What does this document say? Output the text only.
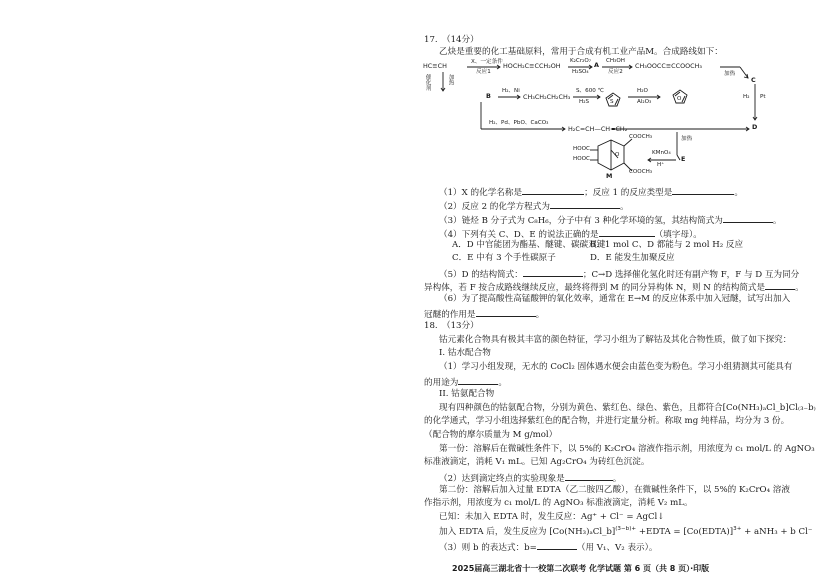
17. （14分）
乙炔是重要的化工基础原料，常用于合成有机工业产品M。合成路线如下：
HC≡CH	X、一定条件
反应1
HOCH₂C≡CCH₂OH
K₂Cr₂O₇
H₂SO₄
A CH₃OH
反应2
CH₃OOCC≡CCOOCH₃
加热
C
催化剂	加热
B
H₂、Ni
CH₃CH₂CH₂CH₃
S、600 ℃
H₂S	S
H₂O
Al₂O₃	O	H₂ Pt
D
H₂、Pd、PbO、CaCO₃
H₂C=CH—CH=CH₂
加热
COOCH₃
COOCH₃
HOOC
HOOC
O
M
KMnO₄
H⁺
E
（1）X 的化学名称是	；反应 1 的反应类型是	。
（2）反应 2 的化学方程式为	。
（3）链烃 B 分子式为 C₈H₆，分子中有 3 种化学环境的氢，其结构简式为	。
（4）下列有关 C、D、E 的说法正确的是	（填字母）。
A．D 中官能团为酯基、醚键、碳碳双键
B．1 mol C、D 都能与 2 mol H₂ 反应
C．E 中有 3 个手性碳原子	D．E 能发生加聚反应
（5）D 的结构简式：	；C→D 选择催化氢化时还有副产物 F，F 与 D 互为同分
异构体，若 F 按合成路线继续反应，最终将得到 M 的同分异构体 N，则 N 的结构简式是	。
（6）为了提高酸性高锰酸钾的氧化效率，通常在 E→M 的反应体系中加入冠醚，试写出加入
冠醚的作用是	。
18. （13分）
钴元素化合物具有极其丰富的颜色特征，学习小组为了解钴及其化合物性质，做了如下探究：
I. 钴水配合物
（1）学习小组发现，无水的 CoCl₂ 固体遇水便会由蓝色变为粉色。学习小组猜测其可能具有
的用途为	。
II. 钴氨配合物
现有四种颜色的钴氨配合物，分别为黄色、紫红色、绿色、紫色，且都符合[Co(NH₃)ₐCl_b]Cl₍₃₋b₎
的化学通式，学习小组选择紫红色的配合物，并进行定量分析。称取 mg 纯样品，均分为 3 份。
（配合物的摩尔质量为 M g/mol）
第一份：溶解后在微碱性条件下，以 5%的 K₂CrO₄ 溶液作指示剂，用浓度为 c₁ mol/L 的 AgNO₃
标准液滴定，消耗 V₁ mL。已知 Ag₂CrO₄ 为砖红色沉淀。
（2）达到滴定终点的实验现象是	。
第二份：溶解后加入过量 EDTA（乙二胺四乙酸），在微碱性条件下，以 5%的 K₂CrO₄ 溶液
作指示剂，用浓度为 c₁ mol/L 的 AgNO₃ 标准液滴定，消耗 V₂ mL。
已知：未加入 EDTA 时，发生反应：Ag⁺ + Cl⁻ = AgCl↓
加入 EDTA 后，发生反应为 [Co(NH₃)ₐCl_b]$^{(3-b)+}$ +EDTA = [Co(EDTA)]$^{3+}$ + aNH₃ + b Cl⁻
（3）则 b 的表达式：b=	（用 V₁、V₂ 表示）。
2025届高三湖北省十一校第二次联考 化学试题 第 6 页（共 8 页）·印版
